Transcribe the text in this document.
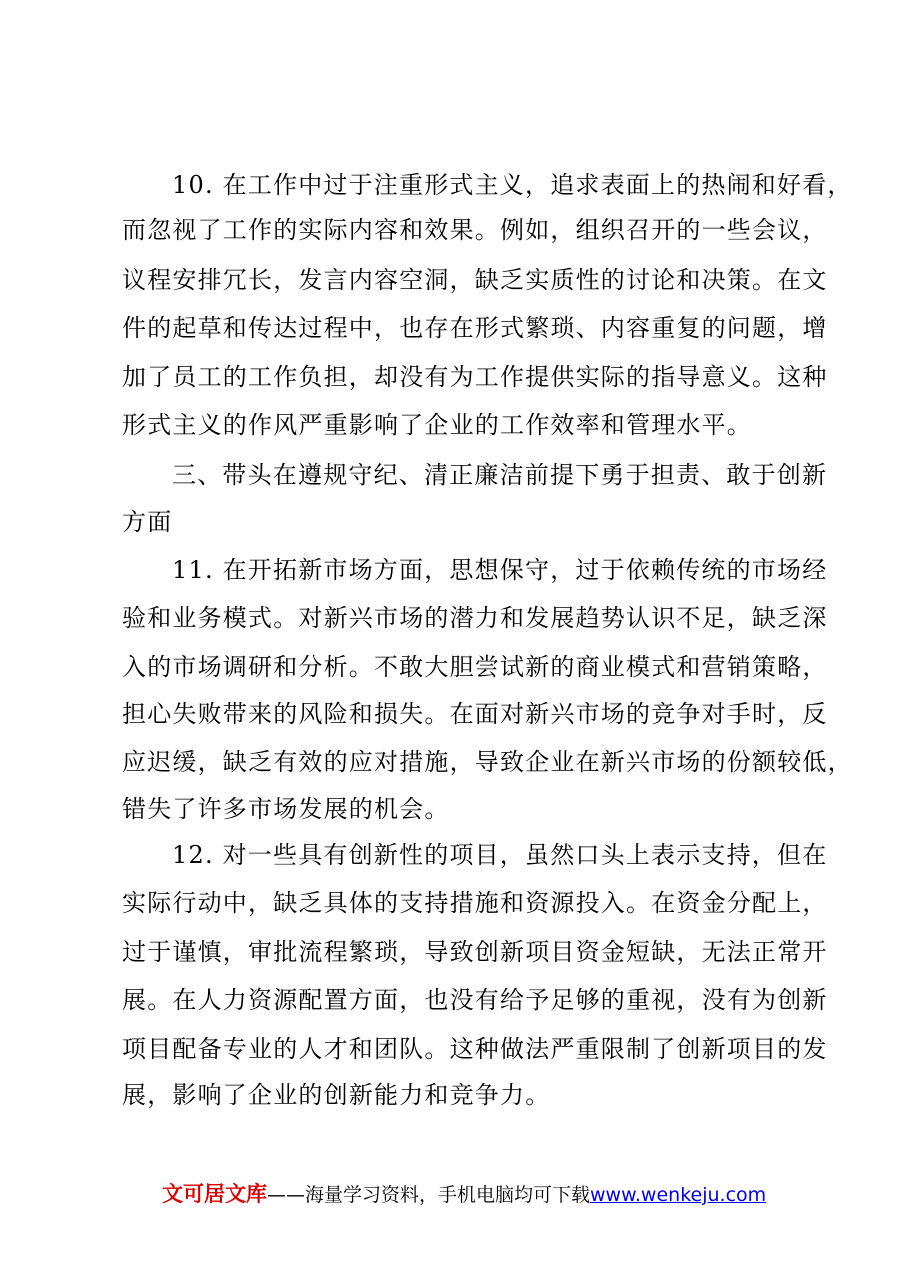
10. 在工作中过于注重形式主义，追求表面上的热闹和好看，
而忽视了工作的实际内容和效果。例如，组织召开的一些会议，
议程安排冗长，发言内容空洞，缺乏实质性的讨论和决策。在文
件的起草和传达过程中，也存在形式繁琐、内容重复的问题，增
加了员工的工作负担，却没有为工作提供实际的指导意义。这种
形式主义的作风严重影响了企业的工作效率和管理水平。
三、带头在遵规守纪、清正廉洁前提下勇于担责、敢于创新
方面
11. 在开拓新市场方面，思想保守，过于依赖传统的市场经
验和业务模式。对新兴市场的潜力和发展趋势认识不足，缺乏深
入的市场调研和分析。不敢大胆尝试新的商业模式和营销策略，
担心失败带来的风险和损失。在面对新兴市场的竞争对手时，反
应迟缓，缺乏有效的应对措施，导致企业在新兴市场的份额较低，
错失了许多市场发展的机会。
12. 对一些具有创新性的项目，虽然口头上表示支持，但在
实际行动中，缺乏具体的支持措施和资源投入。在资金分配上，
过于谨慎，审批流程繁琐，导致创新项目资金短缺，无法正常开
展。在人力资源配置方面，也没有给予足够的重视，没有为创新
项目配备专业的人才和团队。这种做法严重限制了创新项目的发
展，影响了企业的创新能力和竞争力。
文可居文库——海量学习资料，手机电脑均可下载www.wenkeju.com
